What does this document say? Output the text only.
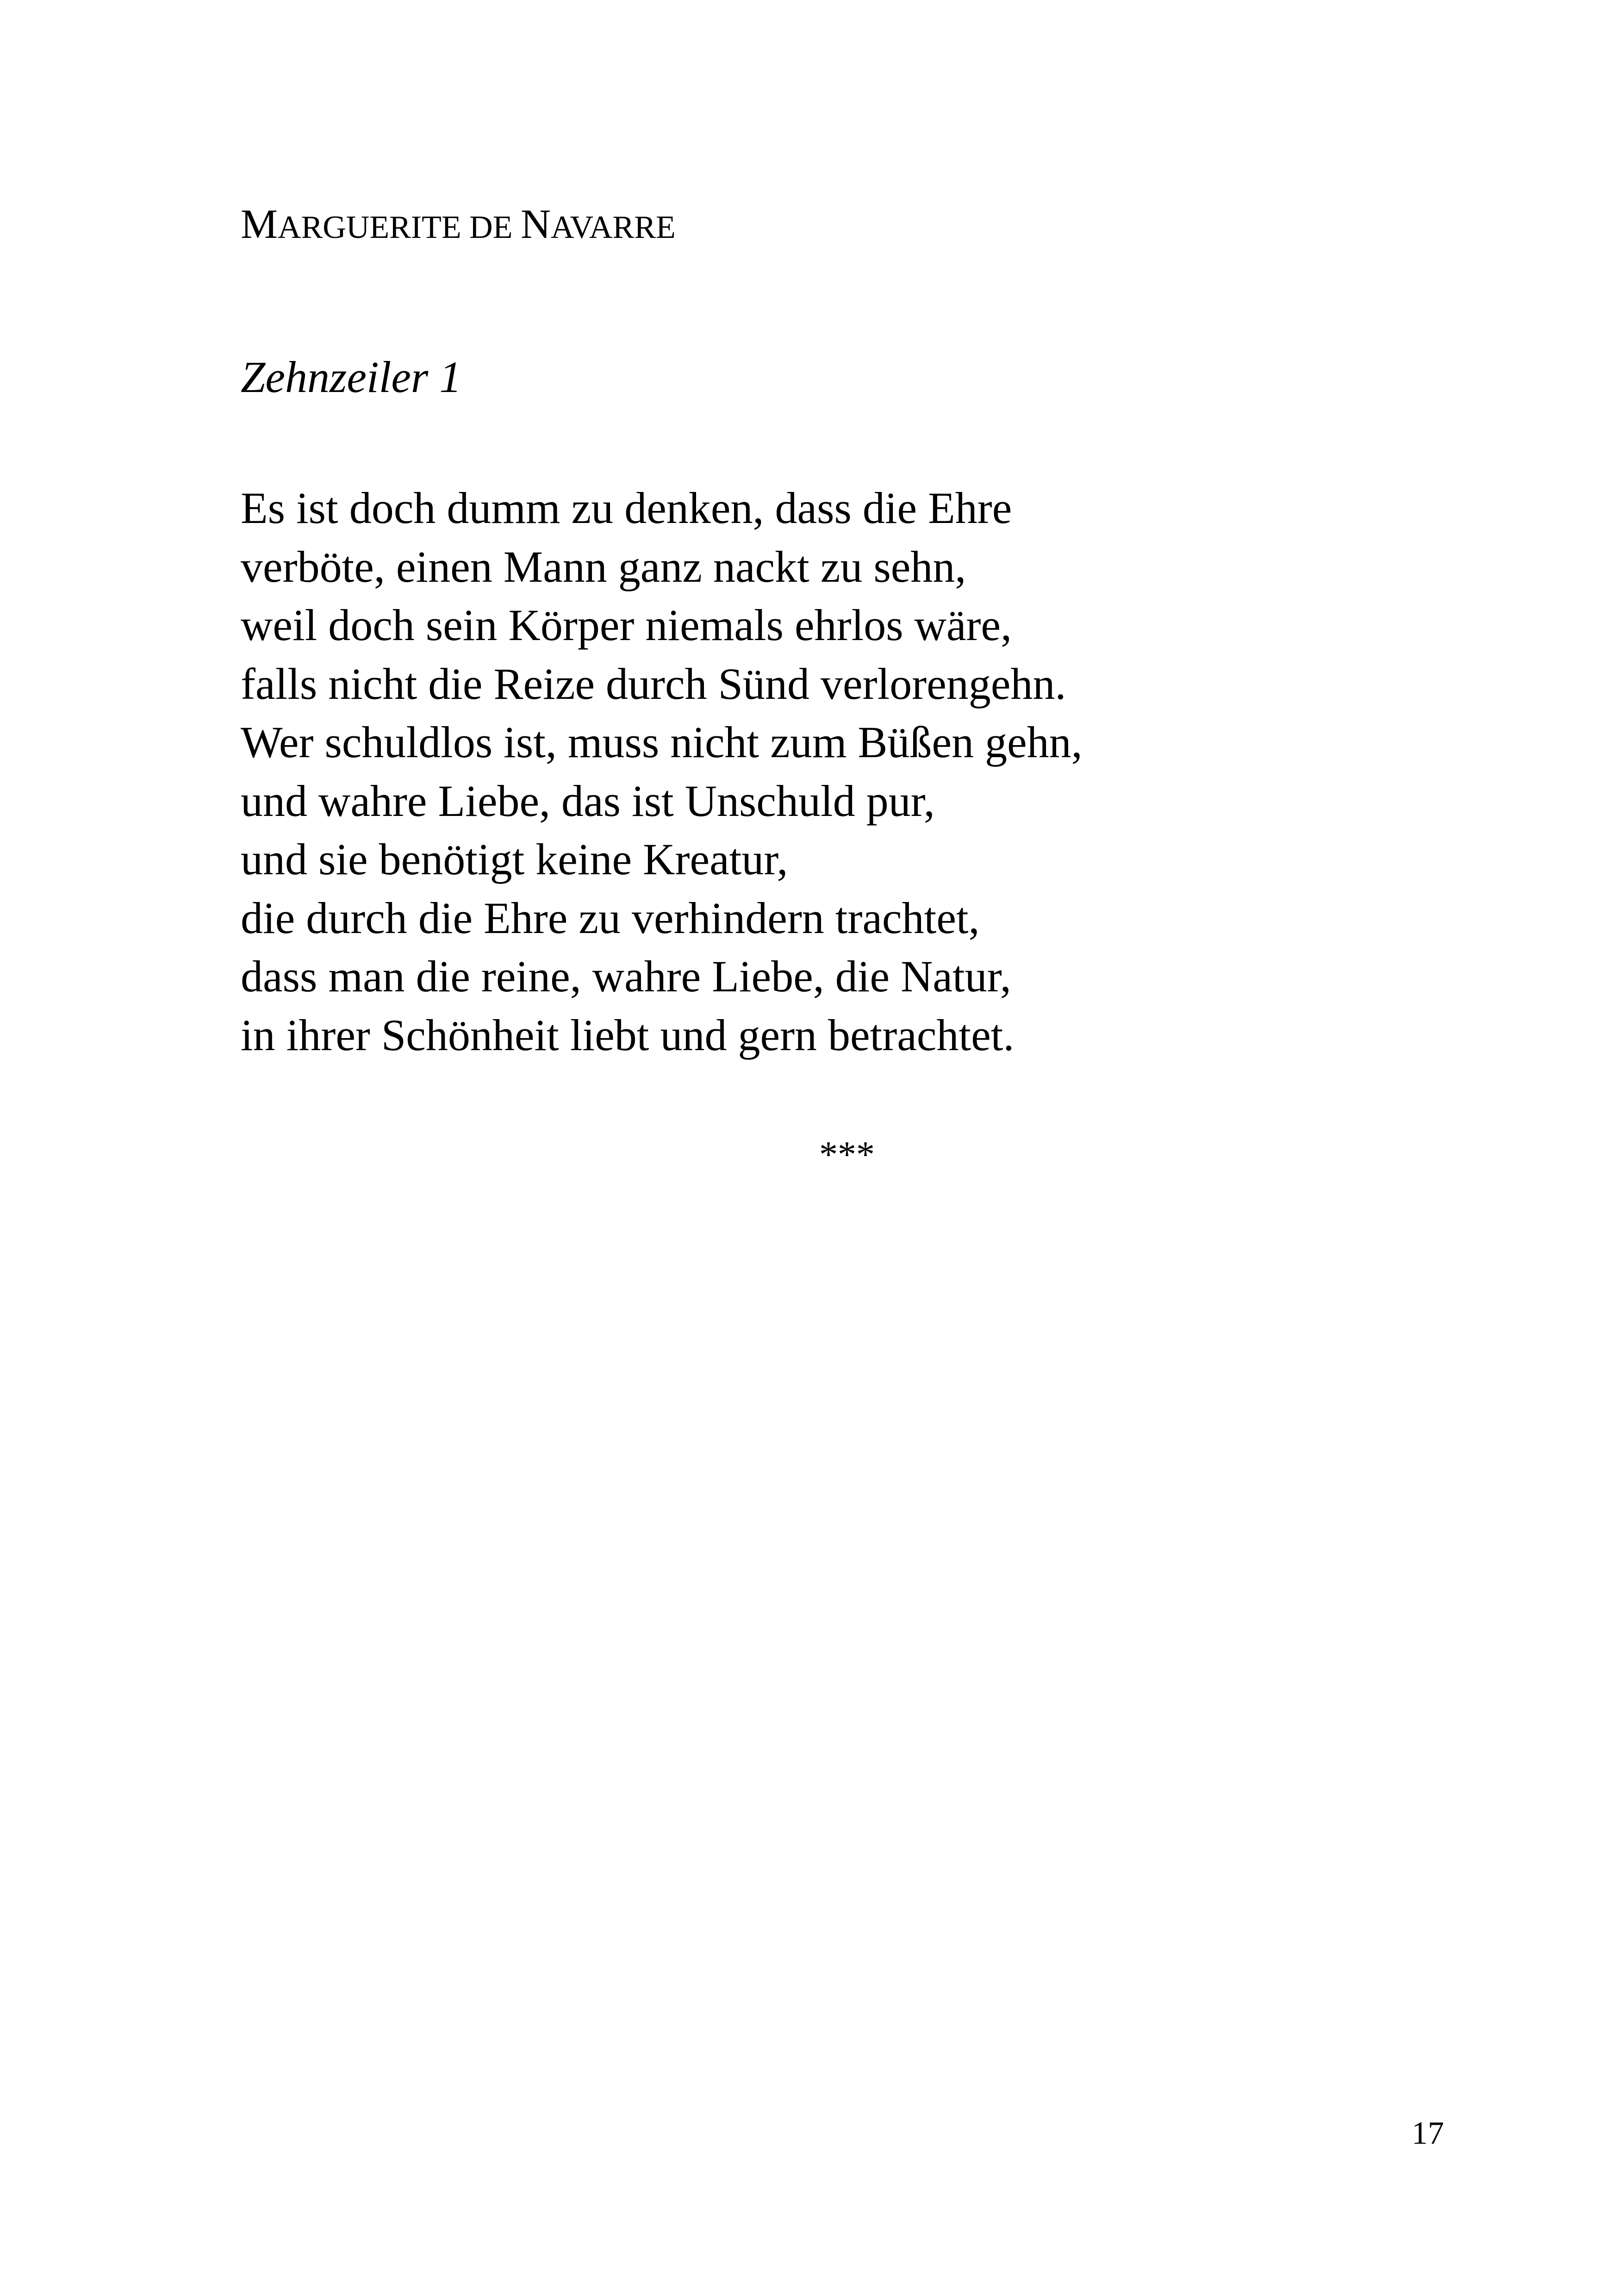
MARGUERITE DE NAVARRE
Zehnzeiler 1
Es ist doch dumm zu denken, dass die Ehre
verböte, einen Mann ganz nackt zu sehn,
weil doch sein Körper niemals ehrlos wäre,
falls nicht die Reize durch Sünd verlorengehn.
Wer schuldlos ist, muss nicht zum Büßen gehn,
und wahre Liebe, das ist Unschuld pur,
und sie benötigt keine Kreatur,
die durch die Ehre zu verhindern trachtet,
dass man die reine, wahre Liebe, die Natur,
in ihrer Schönheit liebt und gern betrachtet.
***
17
